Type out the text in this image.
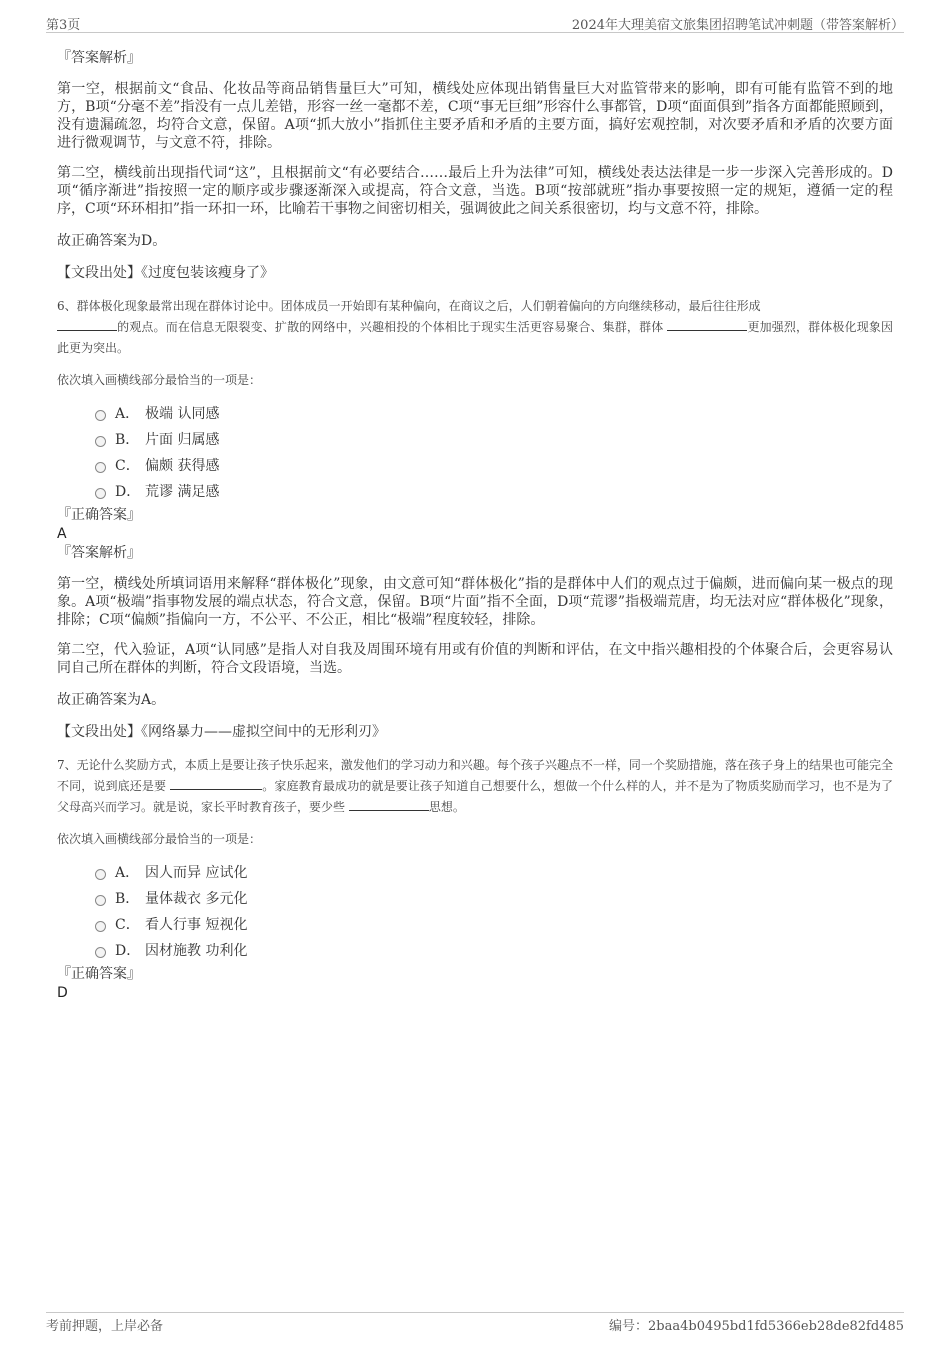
第3页	2024年大理美宿文旅集团招聘笔试冲刺题（带答案解析）
『答案解析』

第一空，根据前文“食品、化妆品等商品销售量巨大”可知，横线处应体现出销售量巨大对监管带来的影响，即有可能有监管不到的地方，B项“分毫不差”指没有一点儿差错，形容一丝一毫都不差，C项“事无巨细”形容什么事都管，D项“面面俱到”指各方面都能照顾到，没有遗漏疏忽，均符合文意，保留。A项“抓大放小”指抓住主要矛盾和矛盾的主要方面，搞好宏观控制，对次要矛盾和矛盾的次要方面进行微观调节，与文意不符，排除。

第二空，横线前出现指代词“这”，且根据前文“有必要结合……最后上升为法律”可知，横线处表达法律是一步一步深入完善形成的。D项“循序渐进”指按照一定的顺序或步骤逐渐深入或提高，符合文意，当选。B项“按部就班”指办事要按照一定的规矩，遵循一定的程序，C项“环环相扣”指一环扣一环，比喻若干事物之间密切相关，强调彼此之间关系很密切，均与文意不符，排除。

故正确答案为D。

【文段出处】《过度包装该瘦身了》

6、群体极化现象最常出现在群体讨论中。团体成员一开始即有某种偏向，在商议之后，人们朝着偏向的方向继续移动，最后往往形成
的观点。而在信息无限裂变、扩散的网络中，兴趣相投的个体相比于现实生活更容易聚合、集群，群体	更加强烈，群体极化现象因此更为突出。

依次填入画横线部分最恰当的一项是：
A． 极端 认同感
B． 片面 归属感
C． 偏颇 获得感
D． 荒谬 满足感
『正确答案』
A
『答案解析』

第一空，横线处所填词语用来解释“群体极化”现象，由文意可知“群体极化”指的是群体中人们的观点过于偏颇，进而偏向某一极点的现象。A项“极端”指事物发展的端点状态，符合文意，保留。B项“片面”指不全面，D项“荒谬”指极端荒唐，均无法对应“群体极化”现象，排除；C项“偏颇”指偏向一方，不公平、不公正，相比“极端”程度较轻，排除。

第二空，代入验证，A项“认同感”是指人对自我及周围环境有用或有价值的判断和评估，在文中指兴趣相投的个体聚合后，会更容易认同自己所在群体的判断，符合文段语境，当选。

故正确答案为A。

【文段出处】《网络暴力——虚拟空间中的无形利刃》

7、无论什么奖励方式，本质上是要让孩子快乐起来，激发他们的学习动力和兴趣。每个孩子兴趣点不一样，同一个奖励措施，落在孩子身上的结果也可能完全不同，说到底还是要	。家庭教育最成功的就是要让孩子知道自己想要什么，想做一个什么样的人，并不是为了物质奖励而学习，也不是为了父母高兴而学习。就是说，家长平时教育孩子，要少些	思想。

依次填入画横线部分最恰当的一项是：
A． 因人而异 应试化
B． 量体裁衣 多元化
C． 看人行事 短视化
D． 因材施教 功利化
『正确答案』
D
考前押题，上岸必备	编号：2baa4b0495bd1fd5366eb28de82fd485
